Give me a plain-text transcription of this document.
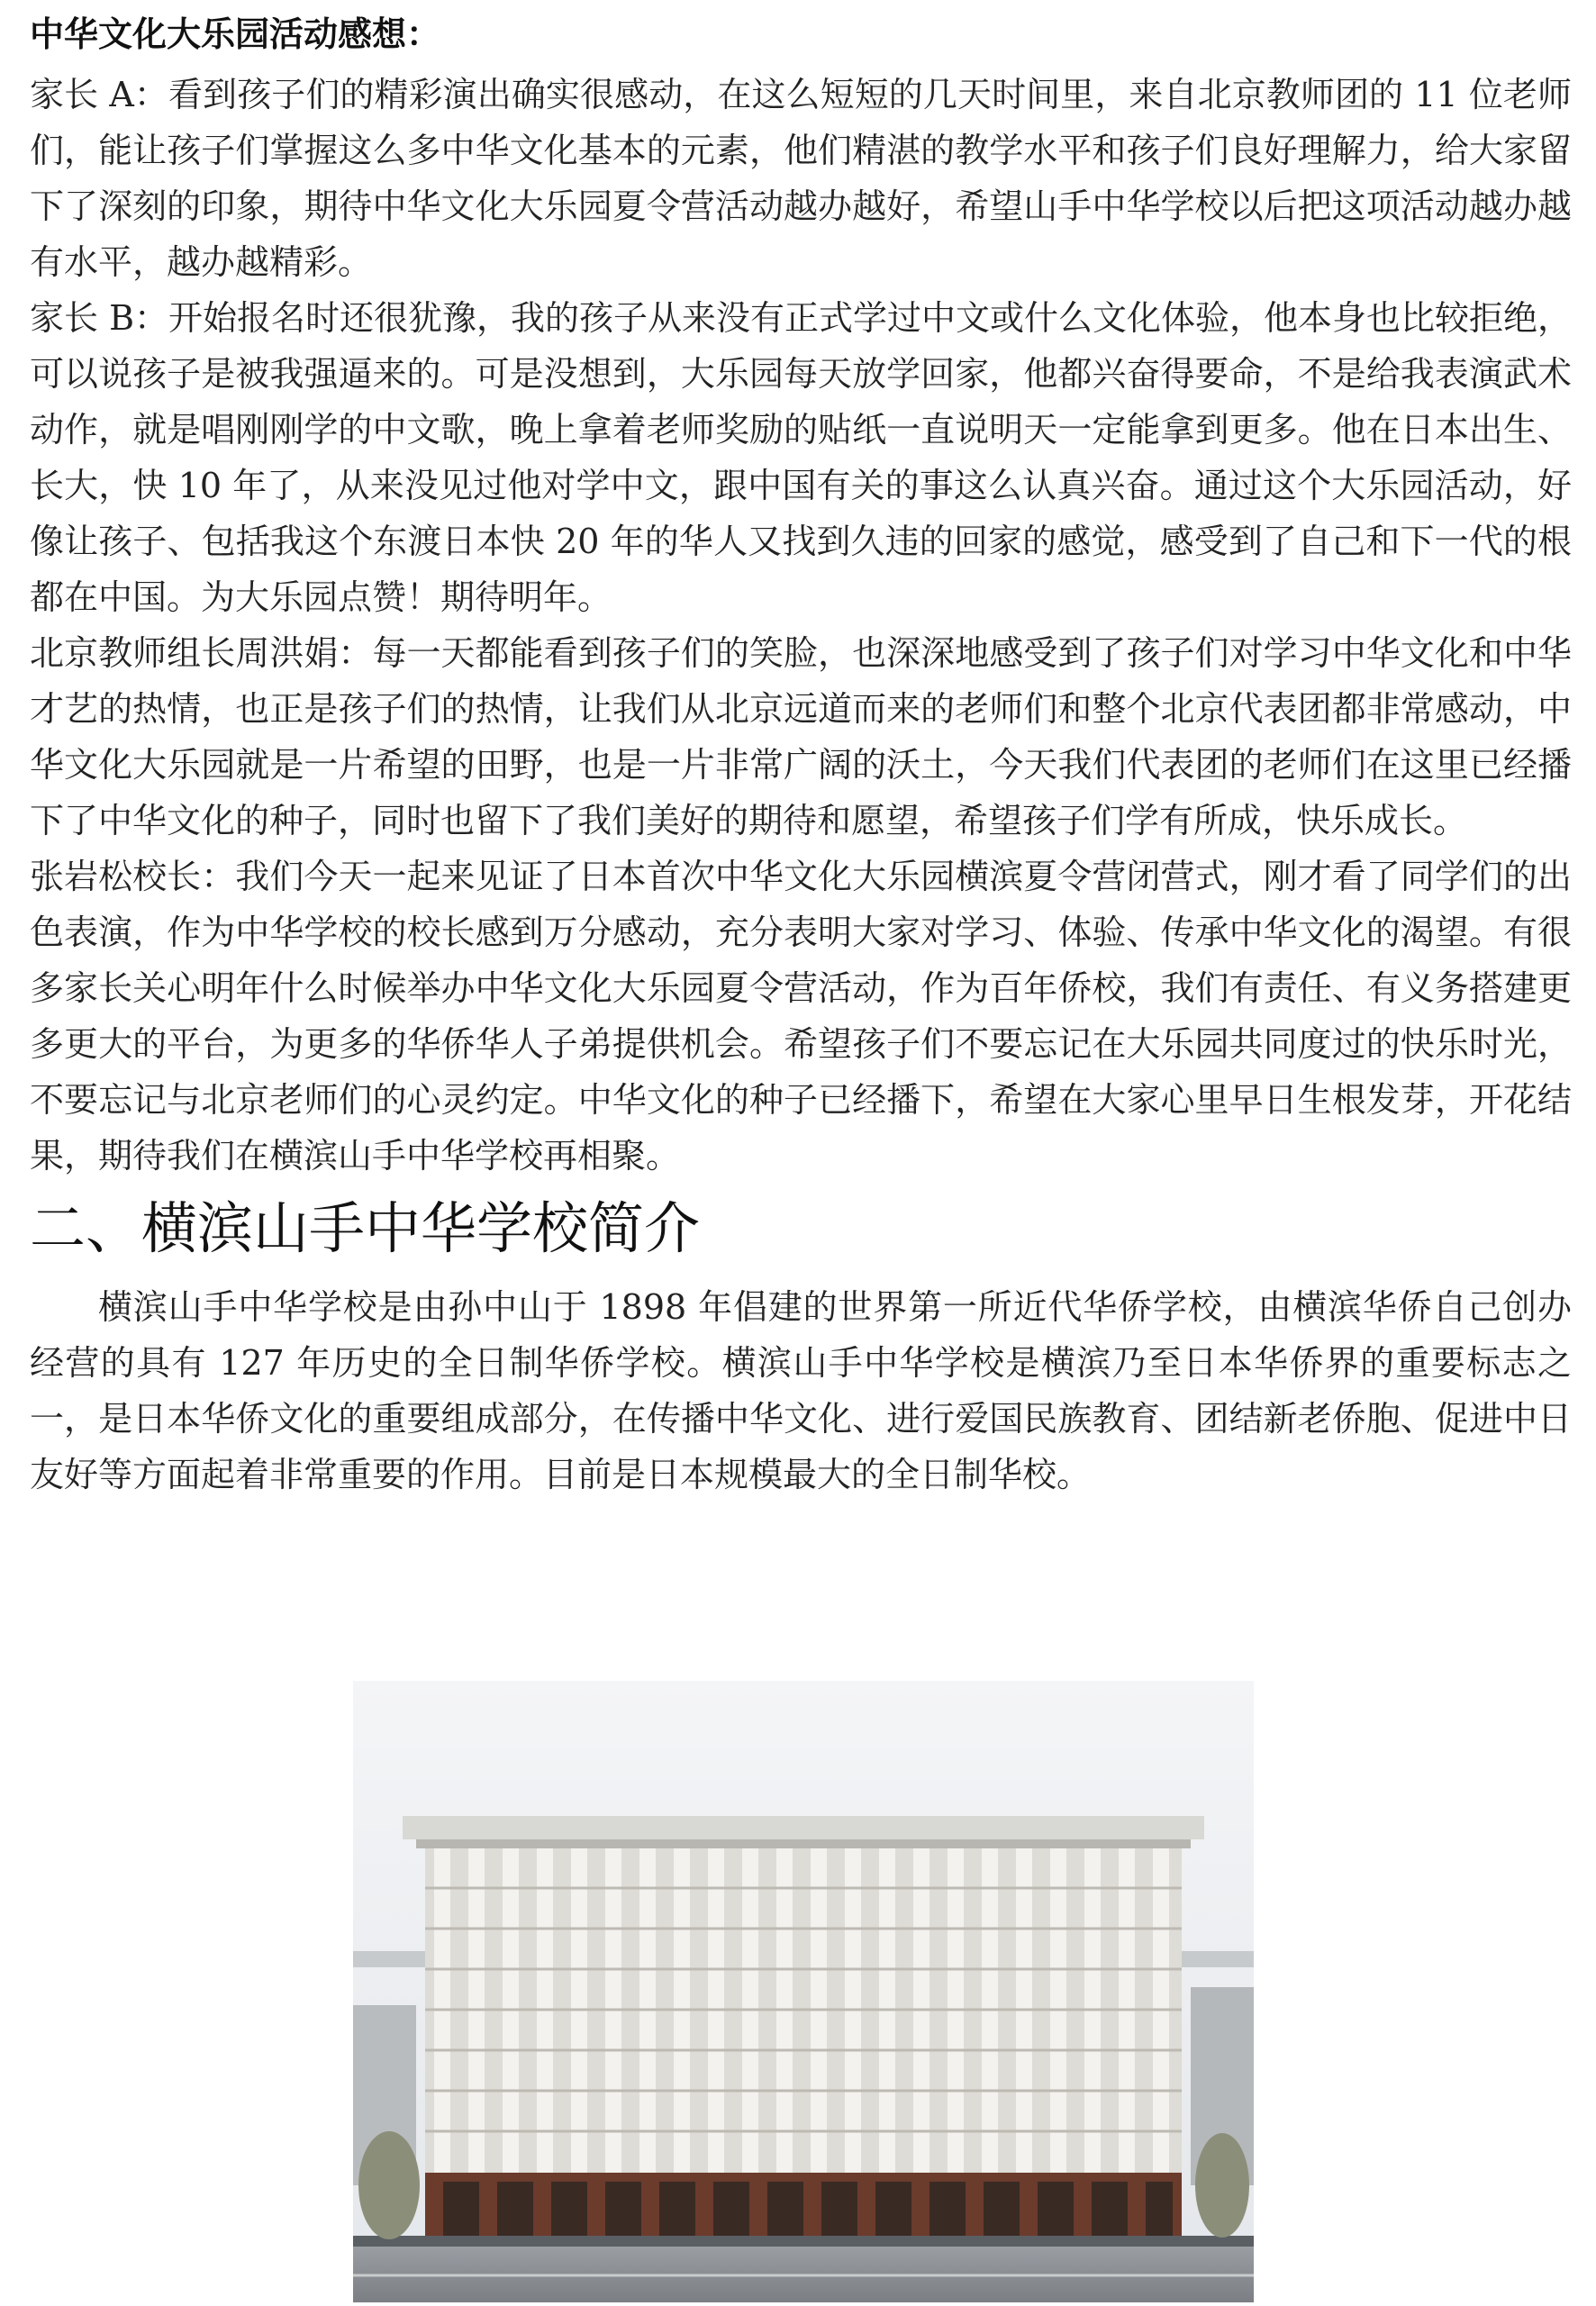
中华文化大乐园活动感想：

家长 A：看到孩子们的精彩演出确实很感动，在这么短短的几天时间里，来自北京教师团的 11 位老师们，能让孩子们掌握这么多中华文化基本的元素，他们精湛的教学水平和孩子们良好理解力，给大家留下了深刻的印象，期待中华文化大乐园夏令营活动越办越好，希望山手中华学校以后把这项活动越办越有水平，越办越精彩。

家长 B：开始报名时还很犹豫，我的孩子从来没有正式学过中文或什么文化体验，他本身也比较拒绝，可以说孩子是被我强逼来的。可是没想到，大乐园每天放学回家，他都兴奋得要命，不是给我表演武术动作，就是唱刚刚学的中文歌，晚上拿着老师奖励的贴纸一直说明天一定能拿到更多。他在日本出生、长大，快 10 年了，从来没见过他对学中文，跟中国有关的事这么认真兴奋。通过这个大乐园活动，好像让孩子、包括我这个东渡日本快 20 年的华人又找到久违的回家的感觉，感受到了自己和下一代的根都在中国。为大乐园点赞！期待明年。

北京教师组长周洪娟：每一天都能看到孩子们的笑脸，也深深地感受到了孩子们对学习中华文化和中华才艺的热情，也正是孩子们的热情，让我们从北京远道而来的老师们和整个北京代表团都非常感动，中华文化大乐园就是一片希望的田野，也是一片非常广阔的沃土，今天我们代表团的老师们在这里已经播下了中华文化的种子，同时也留下了我们美好的期待和愿望，希望孩子们学有所成，快乐成长。

张岩松校长：我们今天一起来见证了日本首次中华文化大乐园横滨夏令营闭营式，刚才看了同学们的出色表演，作为中华学校的校长感到万分感动，充分表明大家对学习、体验、传承中华文化的渴望。有很多家长关心明年什么时候举办中华文化大乐园夏令营活动，作为百年侨校，我们有责任、有义务搭建更多更大的平台，为更多的华侨华人子弟提供机会。希望孩子们不要忘记在大乐园共同度过的快乐时光，不要忘记与北京老师们的心灵约定。中华文化的种子已经播下，希望在大家心里早日生根发芽，开花结果，期待我们在横滨山手中华学校再相聚。

二、横滨山手中华学校简介

横滨山手中华学校是由孙中山于 1898 年倡建的世界第一所近代华侨学校，由横滨华侨自己创办经营的具有 127 年历史的全日制华侨学校。横滨山手中华学校是横滨乃至日本华侨界的重要标志之一，是日本华侨文化的重要组成部分，在传播中华文化、进行爱国民族教育、团结新老侨胞、促进中日友好等方面起着非常重要的作用。目前是日本规模最大的全日制华校。
